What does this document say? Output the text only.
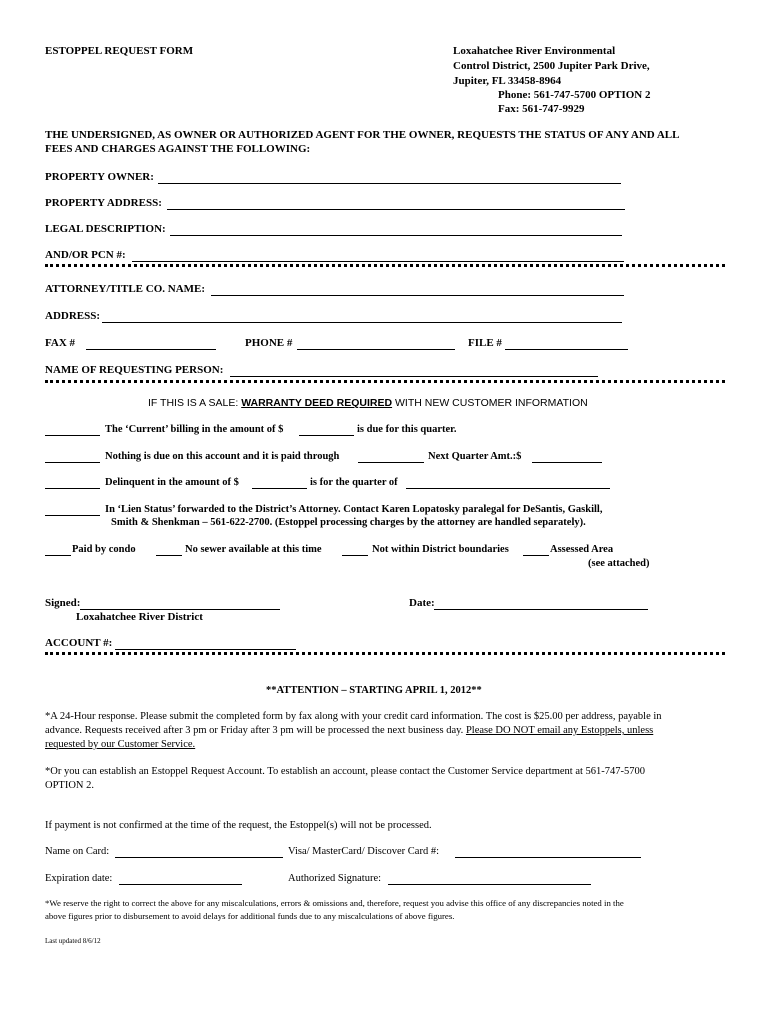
ESTOPPEL REQUEST FORM	Loxahatchee River Environmental
Control District, 2500 Jupiter Park Drive,
Jupiter, FL 33458-8964
Phone: 561-747-5700 OPTION 2
Fax: 561-747-9929
THE UNDERSIGNED, AS OWNER OR AUTHORIZED AGENT FOR THE OWNER, REQUESTS THE STATUS OF ANY AND ALL
FEES AND CHARGES AGAINST THE FOLLOWING:
PROPERTY OWNER:
PROPERTY ADDRESS:
LEGAL DESCRIPTION:
AND/OR PCN #:
ATTORNEY/TITLE CO. NAME:
ADDRESS:
FAX #	PHONE #	FILE #
NAME OF REQUESTING PERSON:
IF THIS IS A SALE: WARRANTY DEED REQUIRED WITH NEW CUSTOMER INFORMATION
The ‘Current’ billing in the amount of $	is due for this quarter.
Nothing is due on this account and it is paid through	Next Quarter Amt.:$
Delinquent in the amount of $	is for the quarter of
In ‘Lien Status’ forwarded to the District’s Attorney. Contact Karen Lopatosky paralegal for DeSantis, Gaskill,
Smith & Shenkman – 561-622-2700. (Estoppel processing charges by the attorney are handled separately).
Paid by condo	No sewer available at this time	Not within District boundaries	Assessed Area
(see attached)
Signed:
Loxahatchee River District
Date:
ACCOUNT #:
**ATTENTION – STARTING APRIL 1, 2012**
*A 24-Hour response. Please submit the completed form by fax along with your credit card information. The cost is $25.00 per address, payable in
advance. Requests received after 3 pm or Friday after 3 pm will be processed the next business day. Please DO NOT email any Estoppels, unless
requested by our Customer Service.
*Or you can establish an Estoppel Request Account. To establish an account, please contact the Customer Service department at 561-747-5700
OPTION 2.
If payment is not confirmed at the time of the request, the Estoppel(s) will not be processed.
Name on Card:	Visa/ MasterCard/ Discover Card #:
Expiration date:	Authorized Signature:
*We reserve the right to correct the above for any miscalculations, errors & omissions and, therefore, request you advise this office of any discrepancies noted in the
above figures prior to disbursement to avoid delays for additional funds due to any miscalculations of above figures.
Last updated 8/6/12
